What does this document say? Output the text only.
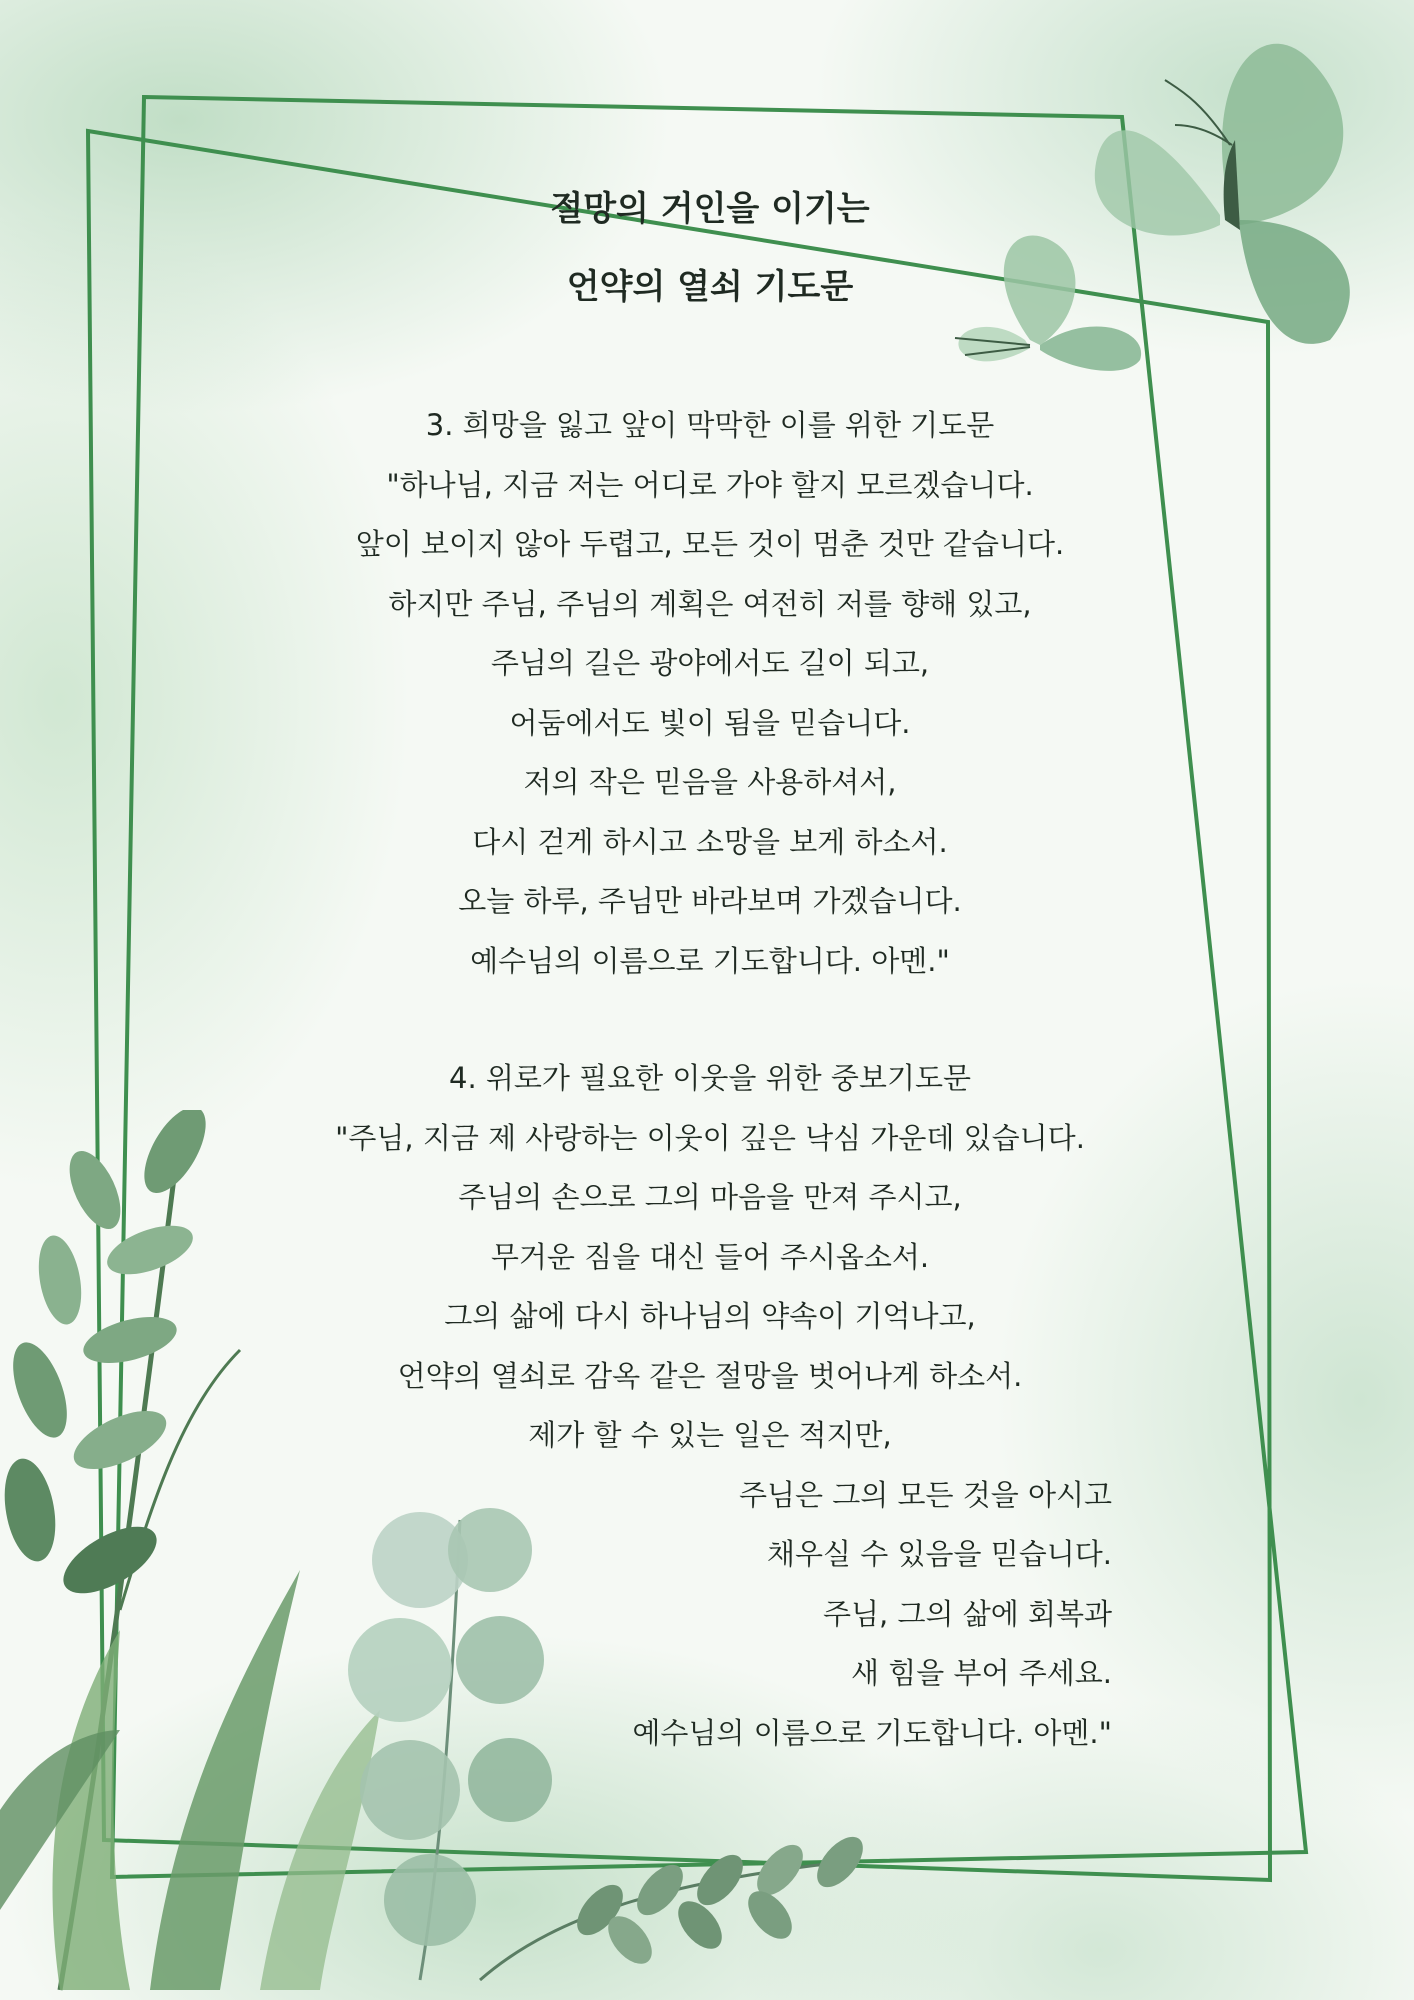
절망의 거인을 이기는
언약의 열쇠 기도문
3. 희망을 잃고 앞이 막막한 이를 위한 기도문
"하나님, 지금 저는 어디로 가야 할지 모르겠습니다.
앞이 보이지 않아 두렵고, 모든 것이 멈춘 것만 같습니다.
하지만 주님, 주님의 계획은 여전히 저를 향해 있고,
주님의 길은 광야에서도 길이 되고,
어둠에서도 빛이 됨을 믿습니다.
저의 작은 믿음을 사용하셔서,
다시 걷게 하시고 소망을 보게 하소서.
오늘 하루, 주님만 바라보며 가겠습니다.
예수님의 이름으로 기도합니다. 아멘."
4. 위로가 필요한 이웃을 위한 중보기도문
"주님, 지금 제 사랑하는 이웃이 깊은 낙심 가운데 있습니다.
주님의 손으로 그의 마음을 만져 주시고,
무거운 짐을 대신 들어 주시옵소서.
그의 삶에 다시 하나님의 약속이 기억나고,
언약의 열쇠로 감옥 같은 절망을 벗어나게 하소서.
제가 할 수 있는 일은 적지만,
주님은 그의 모든 것을 아시고
채우실 수 있음을 믿습니다.
주님, 그의 삶에 회복과
새 힘을 부어 주세요.
예수님의 이름으로 기도합니다. 아멘."
